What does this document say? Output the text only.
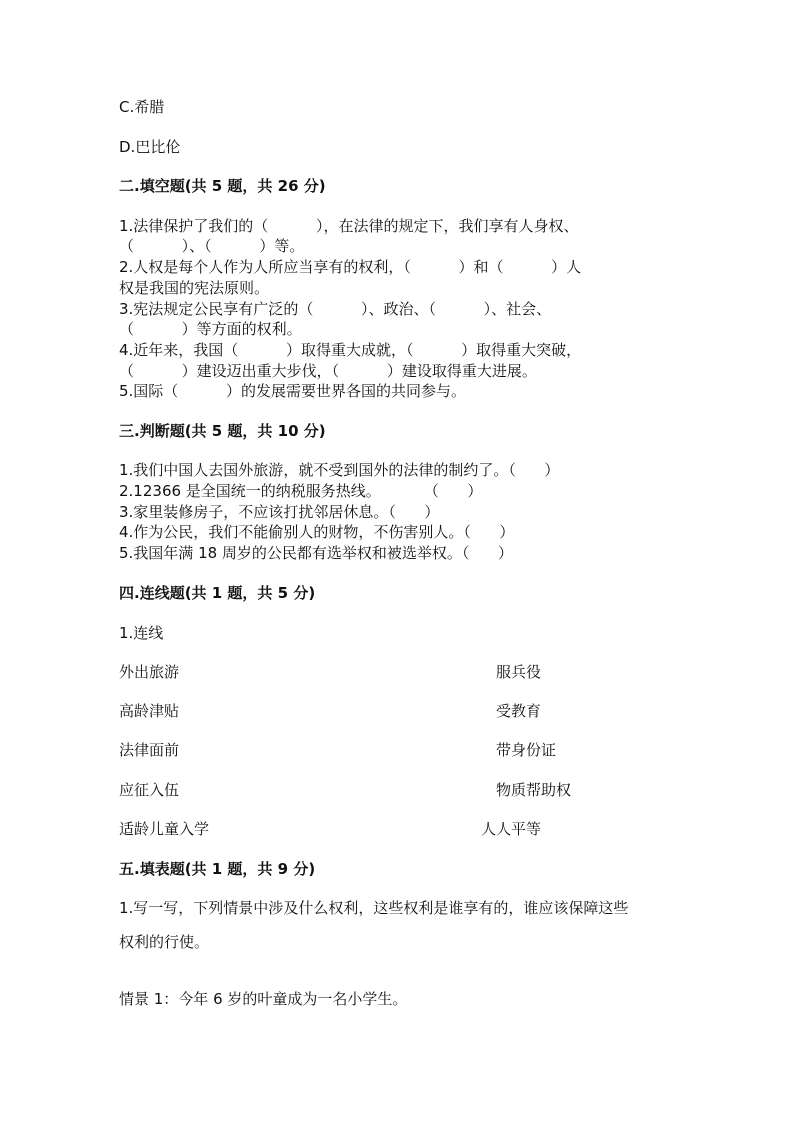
C.希腊
D.巴比伦
二.填空题(共 5 题，共 26 分)
1.法律保护了我们的（          ），在法律的规定下，我们享有人身权、
（          ）、（          ）等。
2.人权是每个人作为人所应当享有的权利，（          ）和（          ）人
权是我国的宪法原则。
3.宪法规定公民享有广泛的（          ）、政治、（          ）、社会、
（          ）等方面的权利。
4.近年来，我国（          ）取得重大成就，（          ）取得重大突破，
（          ）建设迈出重大步伐，（          ）建设取得重大进展。
5.国际（          ）的发展需要世界各国的共同参与。
三.判断题(共 5 题，共 10 分)
1.我们中国人去国外旅游，就不受到国外的法律的制约了。（      ）
2.12366 是全国统一的纳税服务热线。         （      ）
3.家里装修房子，不应该打扰邻居休息。（      ）
4.作为公民，我们不能偷别人的财物，不伤害别人。（      ）
5.我国年满 18 周岁的公民都有选举权和被选举权。（      ）
四.连线题(共 1 题，共 5 分)
1.连线
外出旅游	服兵役
高龄津贴	受教育
法律面前	带身份证
应征入伍	物质帮助权
适龄儿童入学	人人平等
五.填表题(共 1 题，共 9 分)
1.写一写，下列情景中涉及什么权利，这些权利是谁享有的，谁应该保障这些
权利的行使。
情景 1：今年 6 岁的叶童成为一名小学生。
